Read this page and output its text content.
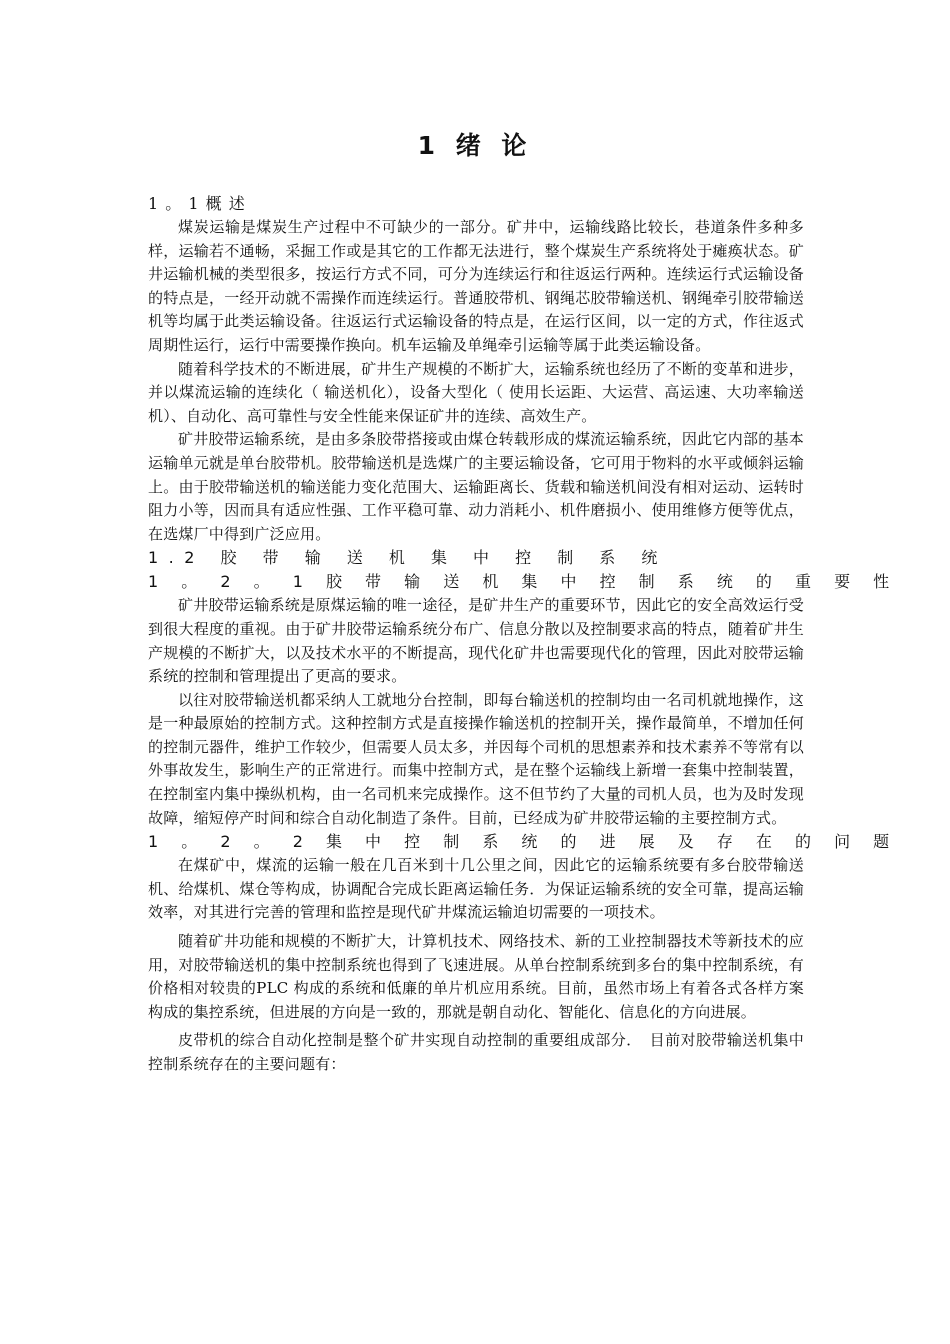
1 绪 论
1 。 1 概 述

煤炭运输是煤炭生产过程中不可缺少的一部分。矿井中，运输线路比较长，巷道条件多种多样，运输若不通畅，采掘工作或是其它的工作都无法进行，整个煤炭生产系统将处于瘫痪状态。矿井运输机械的类型很多，按运行方式不同，可分为连续运行和往返运行两种。连续运行式运输设备的特点是，一经开动就不需操作而连续运行。普通胶带机、钢绳芯胶带输送机、钢绳牵引胶带输送机等均属于此类运输设备。往返运行式运输设备的特点是，在运行区间，以一定的方式，作往返式周期性运行，运行中需要操作换向。机车运输及单绳牵引运输等属于此类运输设备。

随着科学技术的不断进展，矿井生产规模的不断扩大，运输系统也经历了不断的变革和进步，并以煤流运输的连续化（ 输送机化），设备大型化（ 使用长运距、大运营、高运速、大功率输送机）、自动化、高可靠性与安全性能来保证矿井的连续、高效生产。

矿井胶带运输系统，是由多条胶带搭接或由煤仓转载形成的煤流运输系统，因此它内部的基本运输单元就是单台胶带机。胶带输送机是选煤广的主要运输设备，它可用于物料的水平或倾斜运输上。由于胶带输送机的输送能力变化范围大、运输距离长、货载和输送机间没有相对运动、运转时阻力小等，因而具有适应性强、工作平稳可靠、动力消耗小、机件磨损小、使用维修方便等优点，在选煤厂中得到广泛应用。

1.2 胶 带 输 送 机 集 中 控 制 系 统
1 。 2 。 1 胶 带 输 送 机 集 中 控 制 系 统 的 重 要 性

矿井胶带运输系统是原煤运输的唯一途径，是矿井生产的重要环节，因此它的安全高效运行受到很大程度的重视。由于矿井胶带运输系统分布广、信息分散以及控制要求高的特点，随着矿井生产规模的不断扩大，以及技术水平的不断提高，现代化矿井也需要现代化的管理，因此对胶带运输系统的控制和管理提出了更高的要求。

以往对胶带输送机都采纳人工就地分台控制，即每台输送机的控制均由一名司机就地操作，这是一种最原始的控制方式。这种控制方式是直接操作输送机的控制开关，操作最简单，不增加任何的控制元器件，维护工作较少，但需要人员太多，并因每个司机的思想素养和技术素养不等常有以外事故发生，影响生产的正常进行。而集中控制方式，是在整个运输线上新增一套集中控制装置，在控制室内集中操纵机构，由一名司机来完成操作。这不但节约了大量的司机人员，也为及时发现故障，缩短停产时间和综合自动化制造了条件。目前，已经成为矿井胶带运输的主要控制方式。

1 。 2 。 2 集 中 控 制 系 统 的 进 展 及 存 在 的 问 题

在煤矿中，煤流的运输一般在几百米到十几公里之间，因此它的运输系统要有多台胶带输送机、给煤机、煤仓等构成，协调配合完成长距离运输任务．为保证运输系统的安全可靠，提高运输效率，对其进行完善的管理和监控是现代矿井煤流运输迫切需要的一项技术。

随着矿井功能和规模的不断扩大，计算机技术、网络技术、新的工业控制器技术等新技术的应用，对胶带输送机的集中控制系统也得到了飞速进展。从单台控制系统到多台的集中控制系统，有价格相对较贵的PLC 构成的系统和低廉的单片机应用系统。目前，虽然市场上有着各式各样方案构成的集控系统，但进展的方向是一致的，那就是朝自动化、智能化、信息化的方向进展。

皮带机的综合自动化控制是整个矿井实现自动控制的重要组成部分．　目前对胶带输送机集中控制系统存在的主要问题有：
